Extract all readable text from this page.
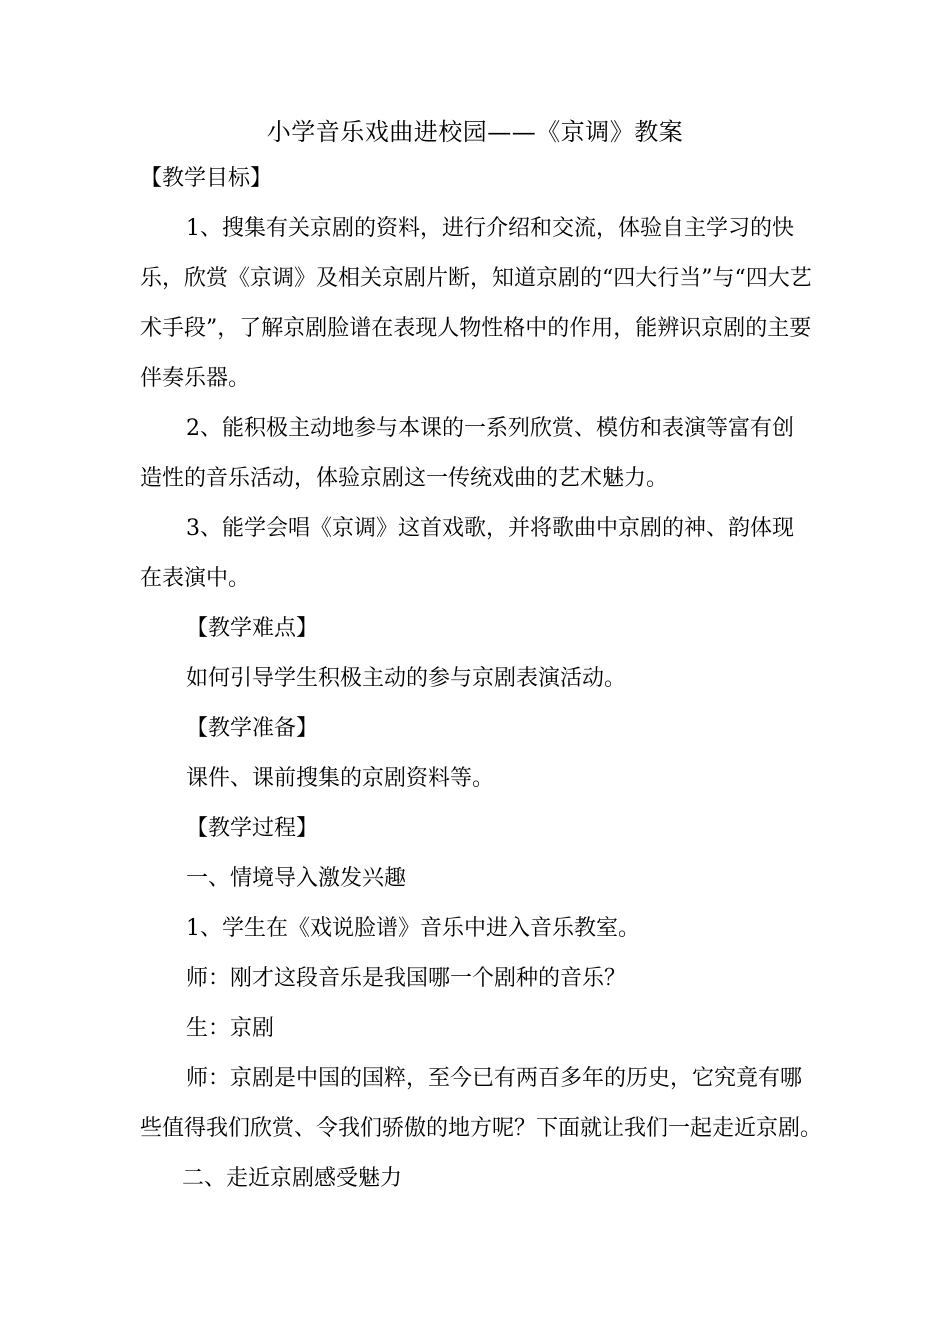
小学音乐戏曲进校园——《京调》教案
【教学目标】
1、搜集有关京剧的资料，进行介绍和交流，体验自主学习的快
乐，欣赏《京调》及相关京剧片断，知道京剧的“四大行当”与“四大艺
术手段”，了解京剧脸谱在表现人物性格中的作用，能辨识京剧的主要
伴奏乐器。
2、能积极主动地参与本课的一系列欣赏、模仿和表演等富有创
造性的音乐活动，体验京剧这一传统戏曲的艺术魅力。
3、能学会唱《京调》这首戏歌，并将歌曲中京剧的神、韵体现
在表演中。
【教学难点】
如何引导学生积极主动的参与京剧表演活动。
【教学准备】
课件、课前搜集的京剧资料等。
【教学过程】
一、情境导入激发兴趣
1、学生在《戏说脸谱》音乐中进入音乐教室。
师：刚才这段音乐是我国哪一个剧种的音乐？
生：京剧
师：京剧是中国的国粹，至今已有两百多年的历史，它究竟有哪
些值得我们欣赏、令我们骄傲的地方呢？下面就让我们一起走近京剧。
二、走近京剧感受魅力
